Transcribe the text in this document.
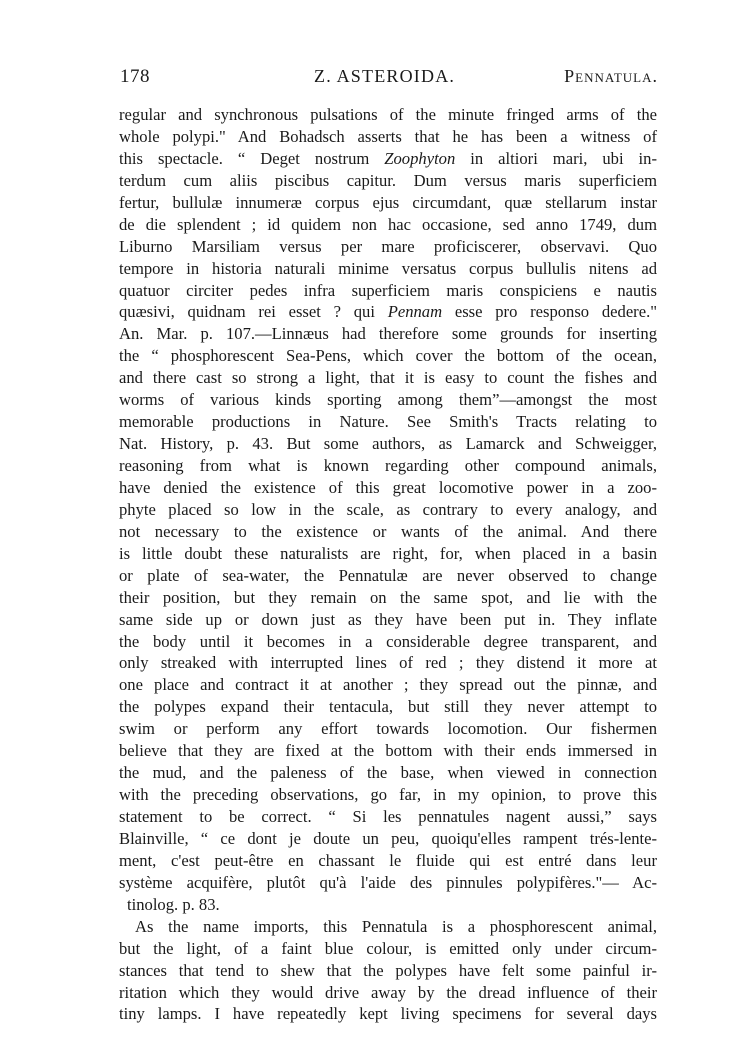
178	Z. ASTEROIDA.	Pennatula.
regular and synchronous pulsations of the minute fringed arms of the
whole polypi." And Bohadsch asserts that he has been a witness of
this spectacle. “ Deget nostrum Zoophyton in altiori mari, ubi in-
terdum cum aliis piscibus capitur. Dum versus maris superficiem
fertur, bullulæ innumeræ corpus ejus circumdant, quæ stellarum instar
de die splendent ; id quidem non hac occasione, sed anno 1749, dum
Liburno Marsiliam versus per mare proficiscerer, observavi. Quo
tempore in historia naturali minime versatus corpus bullulis nitens ad
quatuor circiter pedes infra superficiem maris conspiciens e nautis
quæsivi, quidnam rei esset ? qui Pennam esse pro responso dedere."
An. Mar. p. 107.—Linnæus had therefore some grounds for inserting
the “ phosphorescent Sea-Pens, which cover the bottom of the ocean,
and there cast so strong a light, that it is easy to count the fishes and
worms of various kinds sporting among them”—amongst the most
memorable productions in Nature. See Smith's Tracts relating to
Nat. History, p. 43. But some authors, as Lamarck and Schweigger,
reasoning from what is known regarding other compound animals,
have denied the existence of this great locomotive power in a zoo-
phyte placed so low in the scale, as contrary to every analogy, and
not necessary to the existence or wants of the animal. And there
is little doubt these naturalists are right, for, when placed in a basin
or plate of sea-water, the Pennatulæ are never observed to change
their position, but they remain on the same spot, and lie with the
same side up or down just as they have been put in. They inflate
the body until it becomes in a considerable degree transparent, and
only streaked with interrupted lines of red ; they distend it more at
one place and contract it at another ; they spread out the pinnæ, and
the polypes expand their tentacula, but still they never attempt to
swim or perform any effort towards locomotion. Our fishermen
believe that they are fixed at the bottom with their ends immersed in
the mud, and the paleness of the base, when viewed in connection
with the preceding observations, go far, in my opinion, to prove this
statement to be correct. “ Si les pennatules nagent aussi,” says
Blainville, “ ce dont je doute un peu, quoiqu'elles rampent trés-lente-
ment, c'est peut-être en chassant le fluide qui est entré dans leur
système acquifère, plutôt qu'à l'aide des pinnules polypifères."— Ac-
tinolog. p. 83.
As the name imports, this Pennatula is a phosphorescent animal,
but the light, of a faint blue colour, is emitted only under circum-
stances that tend to shew that the polypes have felt some painful ir-
ritation which they would drive away by the dread influence of their
tiny lamps. I have repeatedly kept living specimens for several days
